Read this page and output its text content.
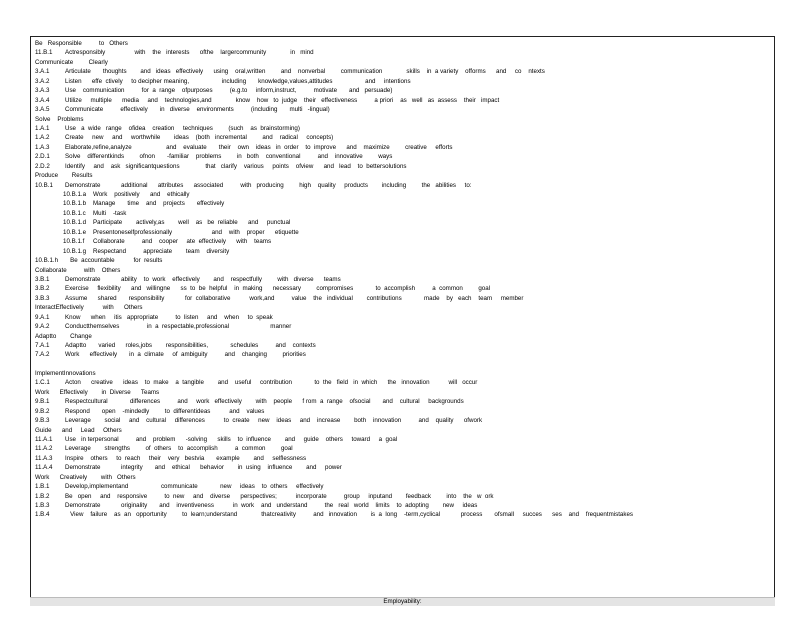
Be   Responsible          to   Others
11.B.1 Actresponsibly                 with    the   interests      ofthe    largercommunity              in   mind
Communicate         Clearly
3.A.1	Articulate       thoughts        and   ideas   effectively      using    oral,written         and    nonverbal         communication              skills    in  a variety    offorms      and     co    ntexts
3.A.2	Listen      effe  ctively     to decipher meaning,                   including       knowledge,values,attitudes                   and     intentions
3.A.3	Use    communication          for  a  range    ofpurposes          (e.g.to     inform,instruct,          motivate       and   persuade)
3.A.4	Utilize     multiple      media     and    technologies,and              know    how   to  judge    their   effectiveness          a priori    as   well   as  assess    their   impact
3.A.5	Communicate          effectively       in   diverse    environments          (including       multi   -lingual)
Solve    Problems
1.A.1	Use   a  wide   range    ofidea    creation     techniques         (such    as  brainstorming)
1.A.2	Create     new     and     worthwhile        ideas    (both   incremental         and    radical     concepts)
1.A.3	Elaborate,refine,analyze                    and    evaluate       their    own    ideas   in  order    to  improve      and    maximize         creative     efforts
2.D.1 Solve    differentkinds         ofnon       -familiar    problems         in   both    conventional          and    innovative         ways
2.D.2 Identify     and    ask   significantquestions               that   clarify    various     points    ofview      and   lead    to  bettersolutions
Produce        Results
10.B.1 Demonstrate            additional      attributes      associated          with   producing         high    quality     products        including         the   abilities     to:
10.B.1.a Work    positively      and    ethically
10.B.1.b Manage       time    and    projects       effectively
10.B.1.c Multi    -task
10.B.1.d Participate        actively,as        well    as   be  reliable      and     punctual
10.B.1.e Presentoneselfprofessionally                       and    with    proper      etiquette
10.B.1.f Collaborate          and    cooper     ate  effectively      with    teams
10.B.1.g Respectand          appreciate        team    diversity
10.B.1.h   Be  accountable           for  results
Collaborate          with    Others
3.B.1	Demonstrate            ability    to  work    effectively        and    respectfully         with   diverse      teams
3.B.2	Exercise     flexibility      and   willingne      ss  to  be  helpful    in  making      necessary         compromises             to  accomplish          a  common         goal
3.B.3	Assume      shared       responsibility            for  collaborative           work,and          value    the   individual        contributions             made    by   each    team     member
InteractEffectively           with      Others
9.A.1	Know      when     itis   appropriate          to  listen     and    when     to  speak
9.A.2	Conductthemselves                in  a  respectable,professional                        manner
Adaptto        Change
7.A.1	Adaptto       varied      roles,jobs        responsibilities,             schedules          and    contexts
7.A.2	Work      effectively       in  a  climate     of  ambiguity          and    changing         priorities
ImplementInnovations
1.C.1 Acton      creative      ideas    to  make    a  tangible        and    useful     contribution             to  the   field   in  which      the   innovation           will   occur
Work      Effectively        in  Diverse      Teams
9.B.1	Respectcultural             differences          and     work   effectively        with    people      f rom  a  range    ofsocial       and    cultural     backgrounds
9.B.2	Respond       open    -mindedly         to  differentideas           and    values
9.B.3	Leverage        social     and    cultural     differences           to  create     new    ideas     and    increase        both    innovation          and    quality      ofwork
Guide      and     Lead     Others
11.A.1 Use   in terpersonal          and    problem      -solving      skills    to  influence        and     guide    others     toward     a  goal
11.A.2 Leverage        strengths         of  others    to  accomplish          a  common         goal
11.A.3 Inspire    others     to  reach     their    very   bestvia       example        and     selflessness
11.A.4 Demonstrate            integrity       and    ethical      behavior        in  using    influence        and     power
Work      Creatively        with   Others
1.B.1	Develop,implementand                   communicate             new     ideas    to  others     effectively
1.B.2	Be   open     and    responsive          to  new     and    diverse      perspectives;           incorporate          group     inputand        feedback         into    the   w  ork
1.B.3	Demonstrate            originality       and    inventiveness           in  work    and   understand          the   real   world    limits    to  adopting        new     ideas
1.B.4	View    failure    as  an   opportunity         to  learn;understand              thatcreativity          and   innovation        is  a  long    -term,cyclical            process       ofsmall     succes      ses    and    frequentmistakes
Employability:
